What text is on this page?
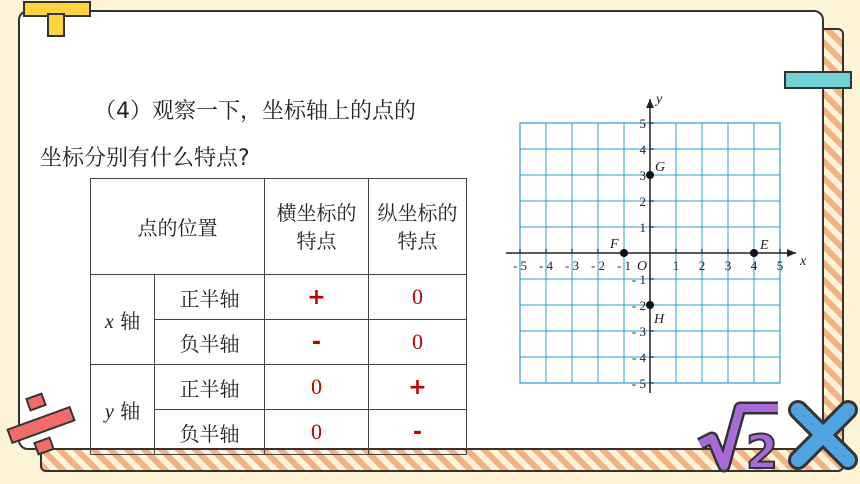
2
（4）观察一下，坐标轴上的点的
坐标分别有什么特点?
点的位置		横坐标的特点	纵坐标的特点

x 轴	正半轴	+	0
	负半轴	-	0
y 轴	正半轴	0	+
	负半轴	0	-
x
y
O
- 5 - 4 - 3 - 2 - 1	1 2 3 4 5
5
4
3
2
1
- 1
- 2
- 3
- 4
- 5
E
F
G
H
